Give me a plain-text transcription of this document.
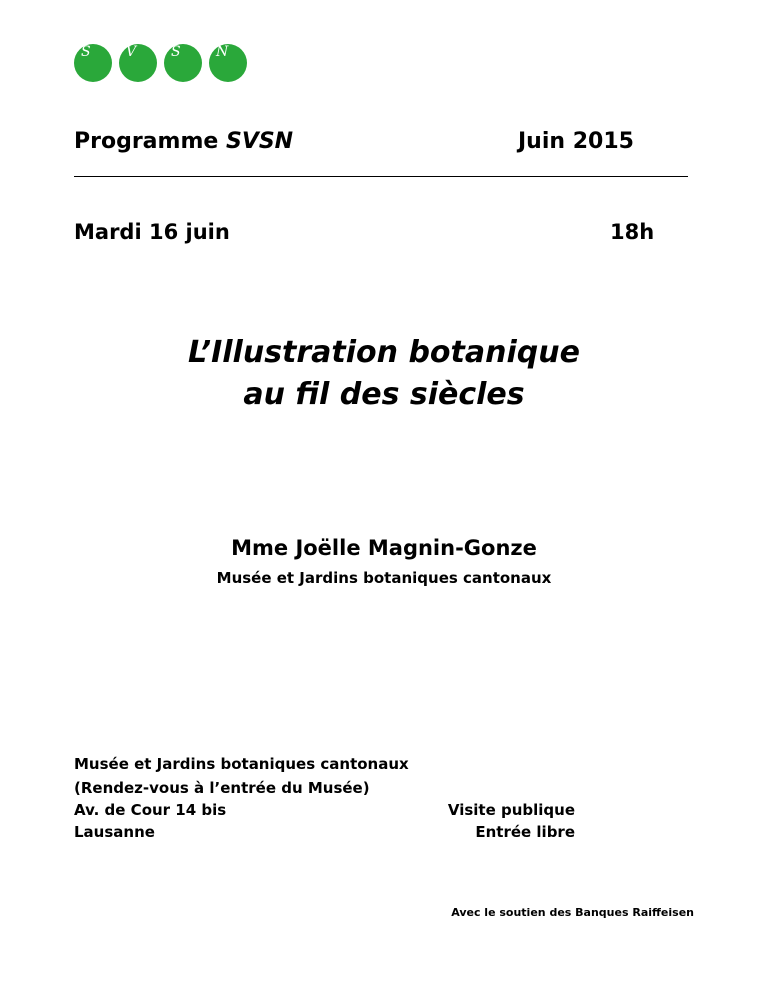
S	V S	N
Programme SVSN	Juin 2015
Mardi 16 juin	18h
L’Illustration botanique
au fil des siècles
Mme Joëlle Magnin-Gonze
Musée et Jardins botaniques cantonaux
Musée et Jardins botaniques cantonaux
(Rendez-vous à l’entrée du Musée)
Av. de Cour 14 bis
Lausanne
Visite publique
Entrée libre
Avec le soutien des Banques Raiffeisen
